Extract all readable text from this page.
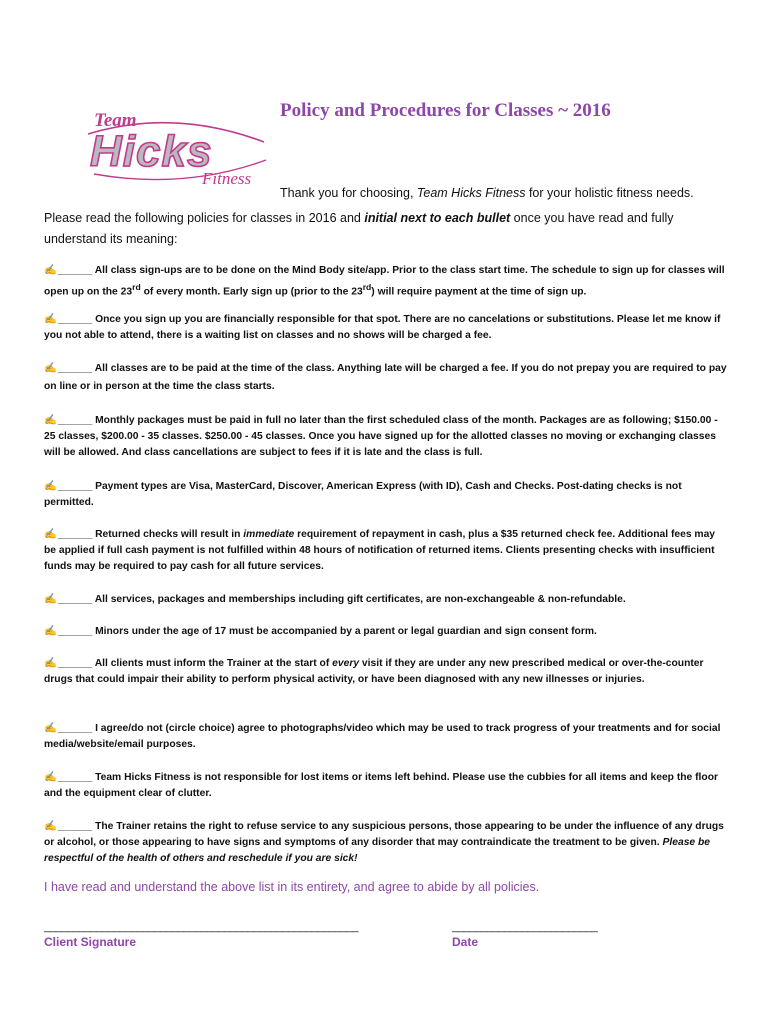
Team
Hicks
Fitness
Policy and Procedures for Classes ~ 2016
Thank you for choosing, Team Hicks Fitness for your holistic fitness needs.
Please read the following policies for classes in 2016 and initial next to each bullet once you have read and fully understand its meaning:
✍______ All class sign-ups are to be done on the Mind Body site/app. Prior to the class start time. The schedule to sign up for classes will open up on the 23rd of every month. Early sign up (prior to the 23rd) will require payment at the time of sign up.
✍______ Once you sign up you are financially responsible for that spot. There are no cancelations or substitutions. Please let me know if you not able to attend, there is a waiting list on classes and no shows will be charged a fee.
✍______ All classes are to be paid at the time of the class. Anything late will be charged a fee. If you do not prepay you are required to pay on line or in person at the time the class starts.
✍______ Monthly packages must be paid in full no later than the first scheduled class of the month. Packages are as following; $150.00 - 25 classes, $200.00 - 35 classes. $250.00 - 45 classes. Once you have signed up for the allotted classes no moving or exchanging classes will be allowed. And class cancellations are subject to fees if it is late and the class is full.
✍______ Payment types are Visa, MasterCard, Discover, American Express (with ID), Cash and Checks. Post-dating checks is not permitted.
✍______ Returned checks will result in immediate requirement of repayment in cash, plus a $35 returned check fee. Additional fees may be applied if full cash payment is not fulfilled within 48 hours of notification of returned items. Clients presenting checks with insufficient funds may be required to pay cash for all future services.
✍______ All services, packages and memberships including gift certificates, are non-exchangeable & non-refundable.
✍______ Minors under the age of 17 must be accompanied by a parent or legal guardian and sign consent form.
✍______ All clients must inform the Trainer at the start of every visit if they are under any new prescribed medical or over-the-counter drugs that could impair their ability to perform physical activity, or have been diagnosed with any new illnesses or injuries.
✍______ I agree/do not (circle choice) agree to photographs/video which may be used to track progress of your treatments and for social media/website/email purposes.
✍______ Team Hicks Fitness is not responsible for lost items or items left behind. Please use the cubbies for all items and keep the floor and the equipment clear of clutter.
✍______ The Trainer retains the right to refuse service to any suspicious persons, those appearing to be under the influence of any drugs or alcohol, or those appearing to have signs and symptoms of any disorder that may contraindicate the treatment to be given. Please be respectful of the health of others and reschedule if you are sick!
I have read and understand the above list in its entirety, and agree to abide by all policies.
______________________________________________________
Client Signature
_________________________
Date
